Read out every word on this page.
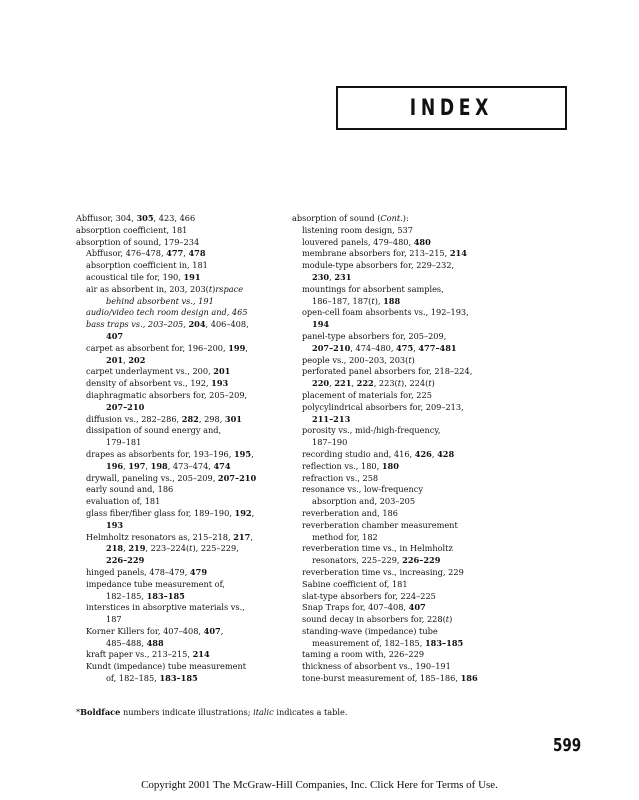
INDEX
Abffusor, 304, 305, 423, 466
absorption coefficient, 181
absorption of sound, 179–234
Abffusor, 476–478, 477, 478
absorption coefficient in, 181
acoustical tile for, 190, 191
air as absorbent in, 203, 203(t)rspace
behind absorbent vs., 191
audio/video tech room design and, 465
bass traps vs., 203–205, 204, 406–408,
407
carpet as absorbent for, 196–200, 199,
201, 202
carpet underlayment vs., 200, 201
density of absorbent vs., 192, 193
diaphragmatic absorbers for, 205–209,
207–210
diffusion vs., 282–286, 282, 298, 301
dissipation of sound energy and,
179–181
drapes as absorbents for, 193–196, 195,
196, 197, 198, 473–474, 474
drywall, paneling vs., 205–209, 207–210
early sound and, 186
evaluation of, 181
glass fiber/fiber glass for, 189–190, 192,
193
Helmholtz resonators as, 215–218, 217,
218, 219, 223–224(t), 225–229,
226–229
hinged panels, 478–479, 479
impedance tube measurement of,
182–185, 183–185
interstices in absorptive materials vs.,
187
Korner Killers for, 407–408, 407,
485–488, 488
kraft paper vs., 213–215, 214
Kundt (impedance) tube measurement
of, 182–185, 183–185
absorption of sound (Cont.):
listening room design, 537
louvered panels, 479–480, 480
membrane absorbers for, 213–215, 214
module-type absorbers for, 229–232,
230, 231
mountings for absorbent samples,
186–187, 187(t), 188
open-cell foam absorbents vs., 192–193,
194
panel-type absorbers for, 205–209,
207–210, 474–480, 475, 477–481
people vs., 200–203, 203(t)
perforated panel absorbers for, 218–224,
220, 221, 222, 223(t), 224(t)
placement of materials for, 225
polycylindrical absorbers for, 209–213,
211–213
porosity vs., mid-/high-frequency,
187–190
recording studio and, 416, 426, 428
reflection vs., 180, 180
refraction vs., 258
resonance vs., low-frequency
absorption and, 203–205
reverberation and, 186
reverberation chamber measurement
method for, 182
reverberation time vs., in Helmholtz
resonators, 225–229, 226–229
reverberation time vs., increasing, 229
Sabine coefficient of, 181
slat-type absorbers for, 224–225
Snap Traps for, 407–408, 407
sound decay in absorbers for, 228(t)
standing-wave (impedance) tube
measurement of, 182–185, 183–185
taming a room with, 226–229
thickness of absorbent vs., 190–191
tone-burst measurement of, 185–186, 186
*Boldface numbers indicate illustrations; italic indicates a table.
599
Copyright 2001 The McGraw-Hill Companies, Inc. Click Here for Terms of Use.
